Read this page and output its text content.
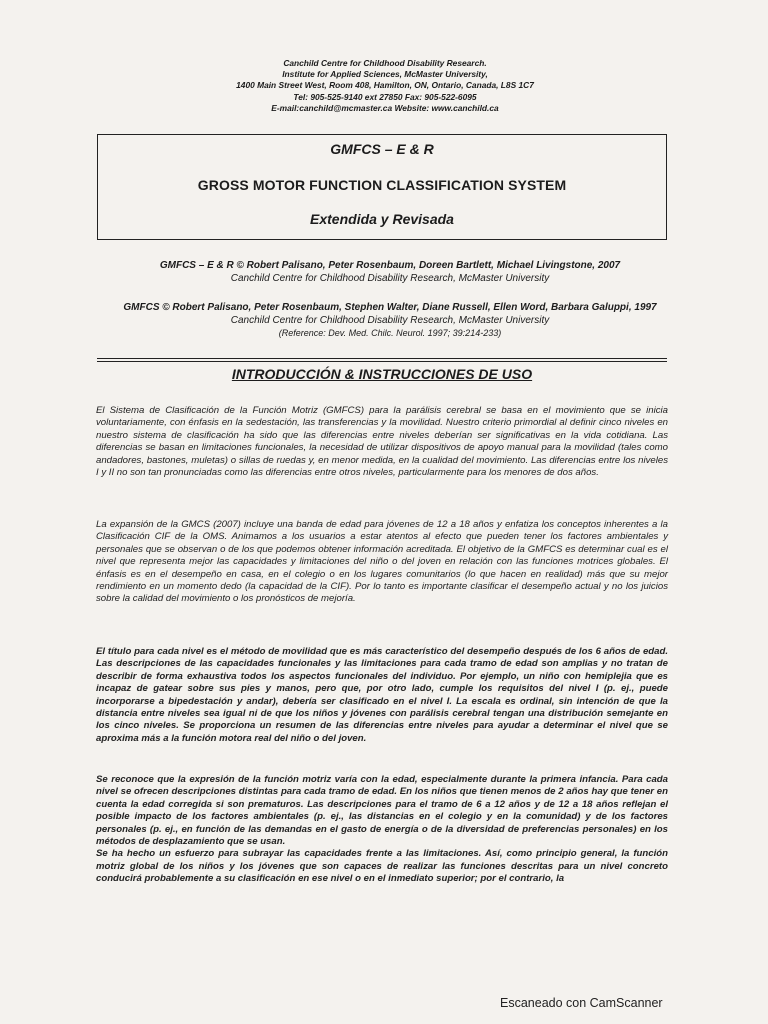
Canchild Centre for Childhood Disability Research.
Institute for Applied Sciences, McMaster University,
1400 Main Street West, Room 408, Hamilton, ON, Ontario, Canada, L8S 1C7
Tel: 905-525-9140 ext 27850 Fax: 905-522-6095
E-mail:canchild@mcmaster.ca Website: www.canchild.ca
GMFCS – E & R
GROSS MOTOR FUNCTION CLASSIFICATION SYSTEM
Extendida y Revisada
GMFCS – E & R © Robert Palisano, Peter Rosenbaum, Doreen Bartlett, Michael Livingstone, 2007
Canchild Centre for Childhood Disability Research, McMaster University
GMFCS © Robert Palisano, Peter Rosenbaum, Stephen Walter, Diane Russell, Ellen Word, Barbara Galuppi, 1997
Canchild Centre for Childhood Disability Research, McMaster University
(Reference: Dev. Med. Chilc. Neurol. 1997; 39:214-233)
INTRODUCCIÓN & INSTRUCCIONES DE USO

El Sistema de Clasificación de la Función Motriz (GMFCS) para la parálisis cerebral se basa en el movimiento que se inicia voluntariamente, con énfasis en la sedestación, las transferencias y la movilidad. Nuestro criterio primordial al definir cinco niveles en nuestro sistema de clasificación ha sido que las diferencias entre niveles deberían ser significativas en la vida cotidiana. Las diferencias se basan en limitaciones funcionales, la necesidad de utilizar dispositivos de apoyo manual para la movilidad (tales como andadores, bastones, muletas) o sillas de ruedas y, en menor medida, en la cualidad del movimiento. Las diferencias entre los niveles I y II no son tan pronunciadas como las diferencias entre otros niveles, particularmente para los menores de dos años.

La expansión de la GMCS (2007) incluye una banda de edad para jóvenes de 12 a 18 años y enfatiza los conceptos inherentes a la Clasificación CIF de la OMS. Animamos a los usuarios a estar atentos al efecto que pueden tener los factores ambientales y personales que se observan o de los que podemos obtener información acreditada. El objetivo de la GMFCS es determinar cual es el nivel que representa mejor las capacidades y limitaciones del niño o del joven en relación con las funciones motrices globales. El énfasis es en el desempeño en casa, en el colegio o en los lugares comunitarios (lo que hacen en realidad) más que su mejor rendimiento en un momento dedo (la capacidad de la CIF). Por lo tanto es importante clasificar el desempeño actual y no los juicios sobre la calidad del movimiento o los pronósticos de mejoría.

El título para cada nivel es el método de movilidad que es más característico del desempeño después de los 6 años de edad. Las descripciones de las capacidades funcionales y las limitaciones para cada tramo de edad son amplias y no tratan de describir de forma exhaustiva todos los aspectos funcionales del individuo. Por ejemplo, un niño con hemiplejia que es incapaz de gatear sobre sus pies y manos, pero que, por otro lado, cumple los requisitos del nivel I (p. ej., puede incorporarse a bipedestación y andar), debería ser clasificado en el nivel I. La escala es ordinal, sin intención de que la distancia entre niveles sea igual ni de que los niños y jóvenes con parálisis cerebral tengan una distribución semejante en los cinco niveles. Se proporciona un resumen de las diferencias entre niveles para ayudar a determinar el nivel que se aproxima más a la función motora real del niño o del joven.

Se reconoce que la expresión de la función motriz varía con la edad, especialmente durante la primera infancia. Para cada nivel se ofrecen descripciones distintas para cada tramo de edad. En los niños que tienen menos de 2 años hay que tener en cuenta la edad corregida si son prematuros. Las descripciones para el tramo de 6 a 12 años y de 12 a 18 años reflejan el posible impacto de los factores ambientales (p. ej., las distancias en el colegio y en la comunidad) y de los factores personales (p. ej., en función de las demandas en el gasto de energía o de la diversidad de preferencias personales) en los métodos de desplazamiento que se usan.

Se ha hecho un esfuerzo para subrayar las capacidades frente a las limitaciones. Así, como principio general, la función motriz global de los niños y los jóvenes que son capaces de realizar las funciones descritas para un nivel concreto conducirá probablemente a su clasificación en ese nivel o en el inmediato superior; por el contrario, la

Escaneado con CamScanner
